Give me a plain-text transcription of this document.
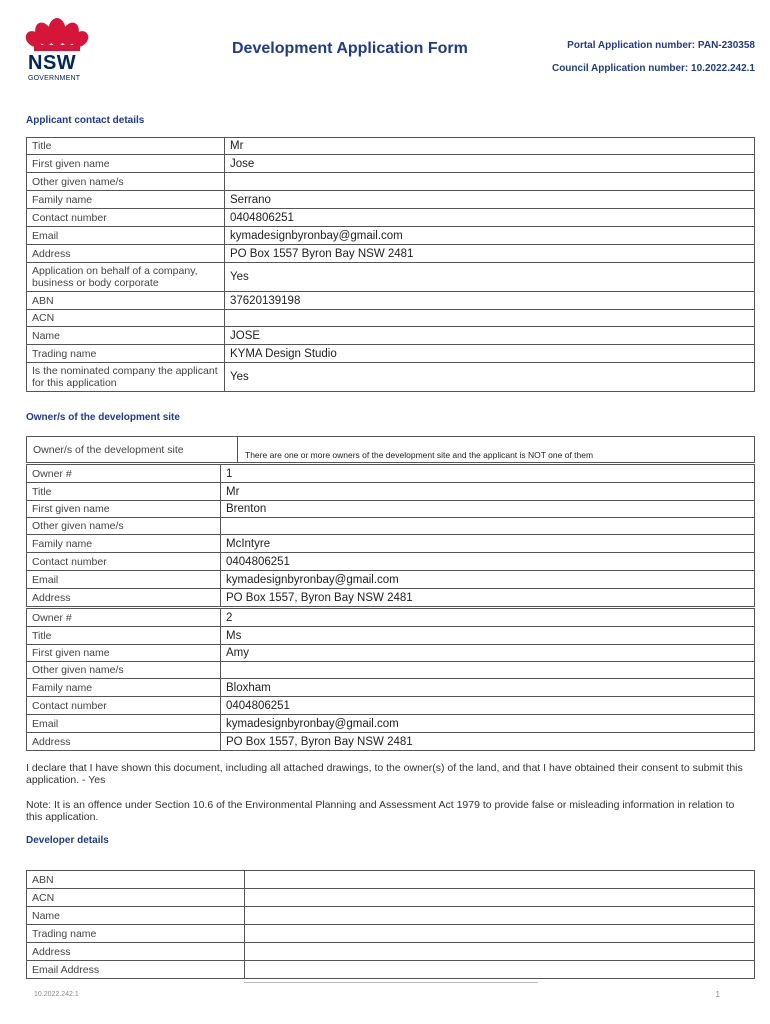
NSW
GOVERNMENT
Development Application Form	Portal Application number: PAN-230358
Council Application number: 10.2022.242.1
Applicant contact details
Title	Mr
First given name	Jose
Other given name/s	
Family name	Serrano
Contact number	0404806251
Email	kymadesignbyronbay@gmail.com
Address	PO Box 1557 Byron Bay NSW 2481
Application on behalf of a company, business or body corporate	Yes
ABN	37620139198
ACN	
Name	JOSE
Trading name	KYMA Design Studio
Is the nominated company the applicant for this application	Yes
Owner/s of the development site
Owner/s of the development site	There are one or more owners of the development site and the applicant is NOT one of them
Owner #	1
Title	Mr
First given name	Brenton
Other given name/s	
Family name	McIntyre
Contact number	0404806251
Email	kymadesignbyronbay@gmail.com
Address	PO Box 1557, Byron Bay NSW 2481
Owner #	2
Title	Ms
First given name	Amy
Other given name/s	
Family name	Bloxham
Contact number	0404806251
Email	kymadesignbyronbay@gmail.com
Address	PO Box 1557, Byron Bay NSW 2481
I declare that I have shown this document, including all attached drawings, to the owner(s) of the land, and that I have obtained their consent to submit this application. - Yes
Note: It is an offence under Section 10.6 of the Environmental Planning and Assessment Act 1979 to provide false or misleading information in relation to this application.
Developer details
ABN	
ACN	
Name	
Trading name	
Address	
Email Address	
10.2022.242.1	1
